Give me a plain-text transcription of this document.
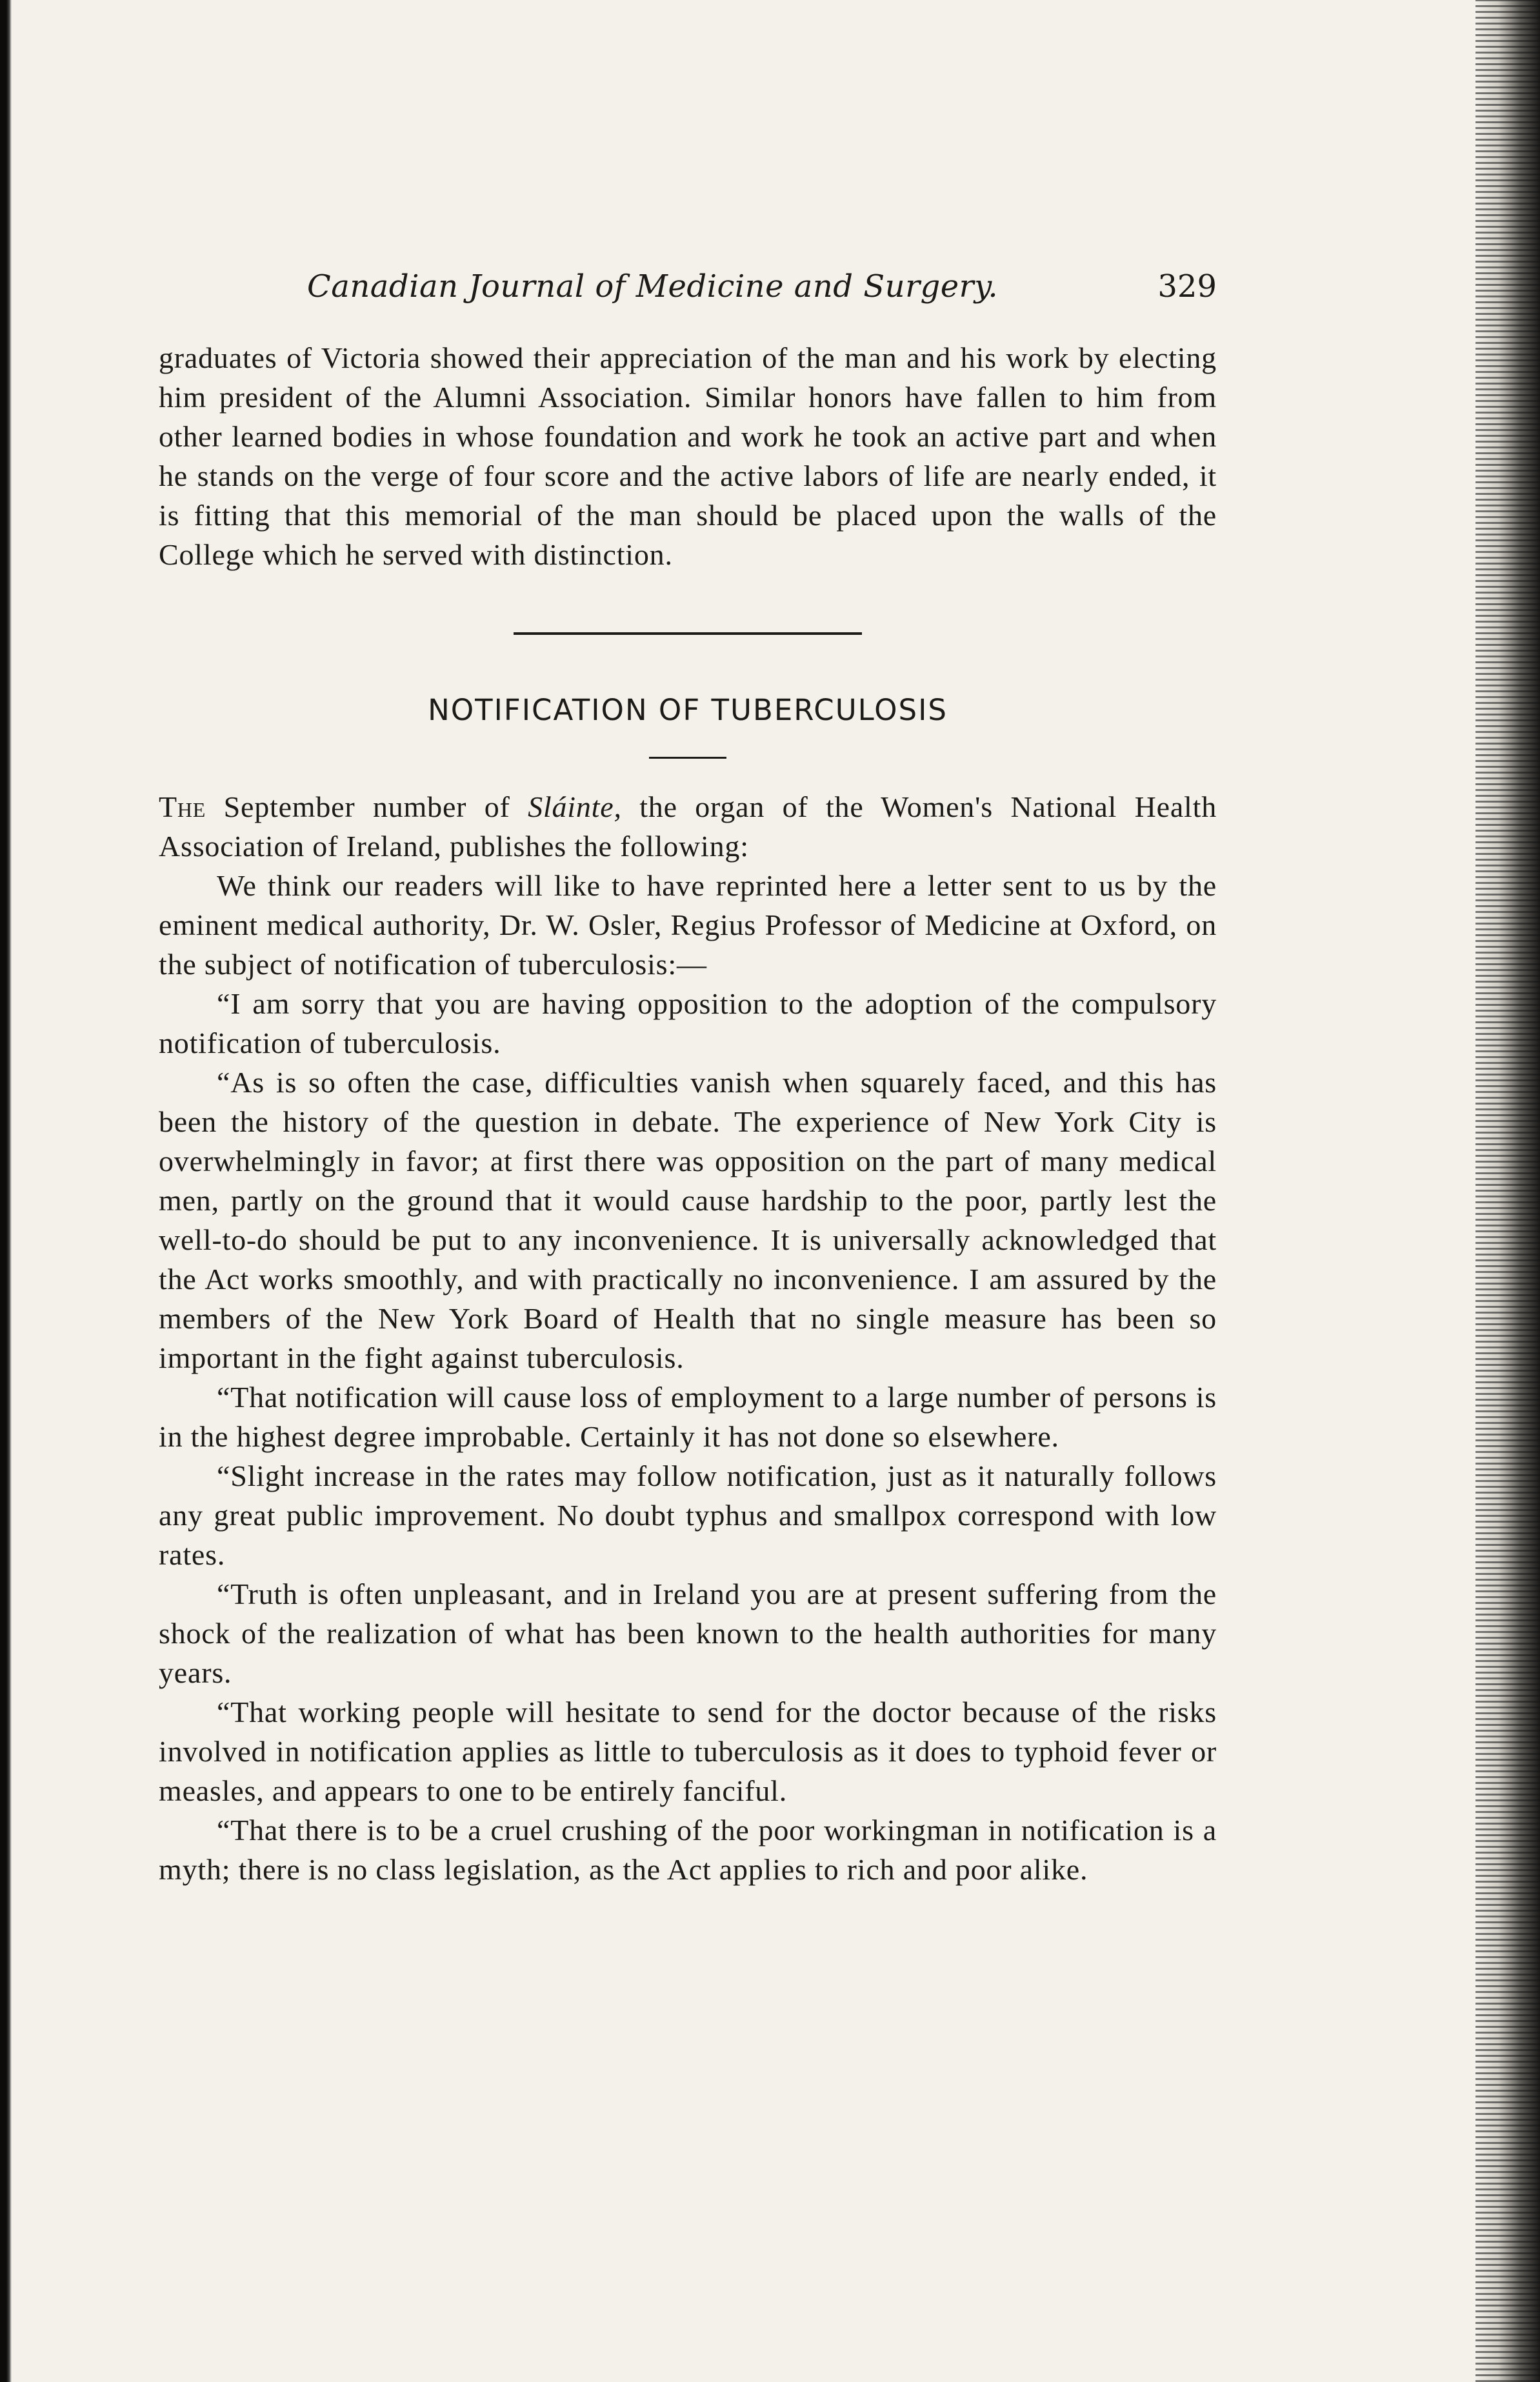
Canadian Journal of Medicine and Surgery.	329

graduates of Victoria showed their appreciation of the man and his work by electing him president of the Alumni Association. Similar honors have fallen to him from other learned bodies in whose foundation and work he took an active part and when he stands on the verge of four score and the active labors of life are nearly ended, it is fitting that this memorial of the man should be placed upon the walls of the College which he served with distinction.

NOTIFICATION OF TUBERCULOSIS

The September number of Sláinte, the organ of the Women's National Health Association of Ireland, publishes the following:

We think our readers will like to have reprinted here a letter sent to us by the eminent medical authority, Dr. W. Osler, Regius Professor of Medicine at Oxford, on the subject of notification of tuberculosis:—

“I am sorry that you are having opposition to the adoption of the compulsory notification of tuberculosis.

“As is so often the case, difficulties vanish when squarely faced, and this has been the history of the question in debate. The experience of New York City is overwhelmingly in favor; at first there was opposition on the part of many medical men, partly on the ground that it would cause hardship to the poor, partly lest the well-to-do should be put to any inconvenience. It is universally acknowledged that the Act works smoothly, and with practically no inconvenience. I am assured by the members of the New York Board of Health that no single measure has been so important in the fight against tuberculosis.

“That notification will cause loss of employment to a large number of persons is in the highest degree improbable. Certainly it has not done so elsewhere.

“Slight increase in the rates may follow notification, just as it naturally follows any great public improvement. No doubt typhus and smallpox correspond with low rates.

“Truth is often unpleasant, and in Ireland you are at present suffering from the shock of the realization of what has been known to the health authorities for many years.

“That working people will hesitate to send for the doctor because of the risks involved in notification applies as little to tuberculosis as it does to typhoid fever or measles, and appears to one to be entirely fanciful.

“That there is to be a cruel crushing of the poor workingman in notification is a myth; there is no class legislation, as the Act applies to rich and poor alike.
